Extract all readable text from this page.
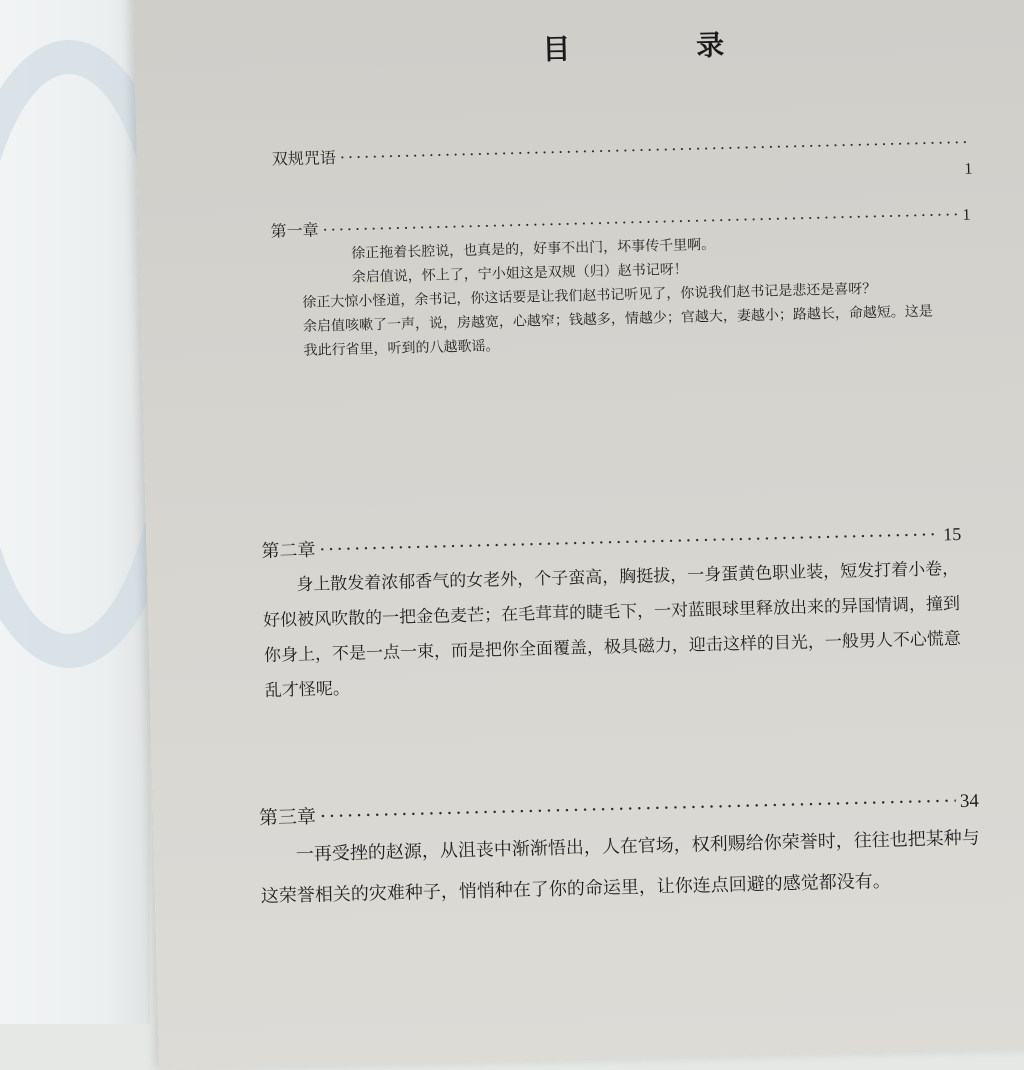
目 录
双规咒语
·····
1
第一章
·····
1

徐正拖着长腔说，也真是的，好事不出门，坏事传千里啊。

余启值说，怀上了，宁小姐这是双规（归）赵书记呀！

徐正大惊小怪道，余书记，你这话要是让我们赵书记听见了，你说我们赵书记是悲还是喜呀？

余启值咳嗽了一声，说，房越宽，心越窄；钱越多，情越少；官越大，妻越小；路越长，命越短。这是我此行省里，听到的八越歌谣。

第二章
·····
15

身上散发着浓郁香气的女老外，个子蛮高，胸挺拔，一身蛋黄色职业装，短发打着小卷，好似被风吹散的一把金色麦芒；在毛茸茸的睫毛下，一对蓝眼球里释放出来的异国情调，撞到你身上，不是一点一束，而是把你全面覆盖，极具磁力，迎击这样的目光，一般男人不心慌意乱才怪呢。

第三章
·····
34

一再受挫的赵源，从沮丧中渐渐悟出，人在官场，权利赐给你荣誉时，往往也把某种与这荣誉相关的灾难种子，悄悄种在了你的命运里，让你连点回避的感觉都没有。
